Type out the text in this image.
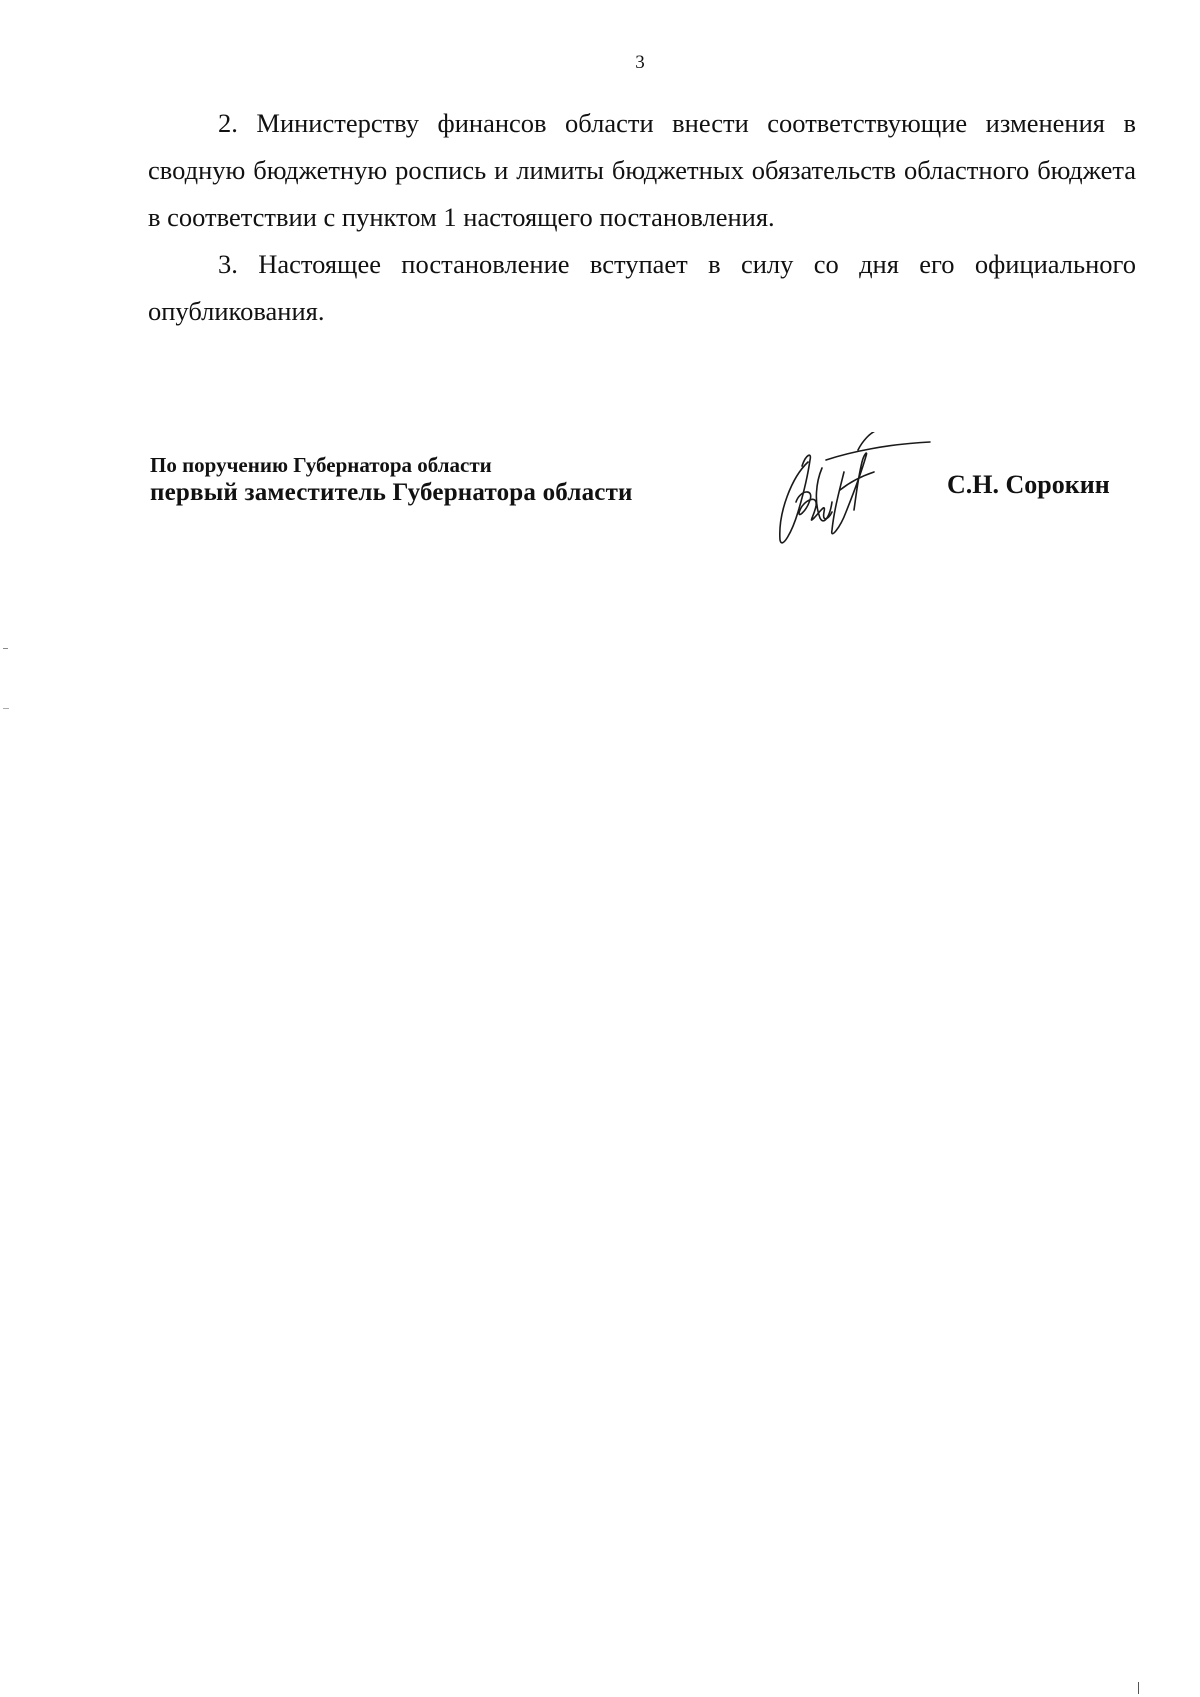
3

2. Министерству финансов области внести соответствующие изменения в сводную бюджетную роспись и лимиты бюджетных обязательств областного бюджета в соответствии с пунктом 1 настоящего постановления.

3. Настоящее постановление вступает в силу со дня его официального опубликования.

По поручению Губернатора области
первый заместитель Губернатора области	С.Н. Сорокин
